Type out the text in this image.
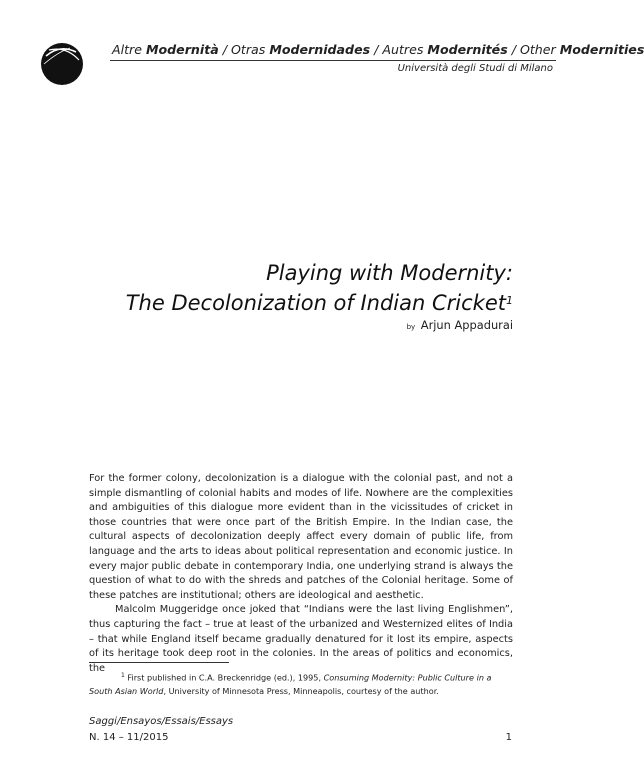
Altre Modernità / Otras Modernidades / Autres Modernités / Other Modernities
Università degli Studi di Milano
Playing with Modernity:
The Decolonization of Indian Cricket$^1$
by Arjun Appadurai

For the former colony, decolonization is a dialogue with the colonial past, and not a simple dismantling of colonial habits and modes of life. Nowhere are the complexities and ambiguities of this dialogue more evident than in the vicissitudes of cricket in those countries that were once part of the British Empire. In the Indian case, the cultural aspects of decolonization deeply affect every domain of public life, from language and the arts to ideas about political representation and economic justice. In every major public debate in contemporary India, one underlying strand is always the question of what to do with the shreds and patches of the Colonial heritage. Some of these patches are institutional; others are ideological and aesthetic.

Malcolm Muggeridge once joked that “Indians were the last living Englishmen”, thus capturing the fact – true at least of the urbanized and Westernized elites of India – that while England itself became gradually denatured for it lost its empire, aspects of its heritage took deep root in the colonies. In the areas of politics and economics, the

$^1$ First published in C.A. Breckenridge (ed.), 1995, Consuming Modernity: Public Culture in a South Asian World, University of Minnesota Press, Minneapolis, courtesy of the author.

Saggi/Ensayos/Essais/Essays
N. 14 – 11/2015	1
